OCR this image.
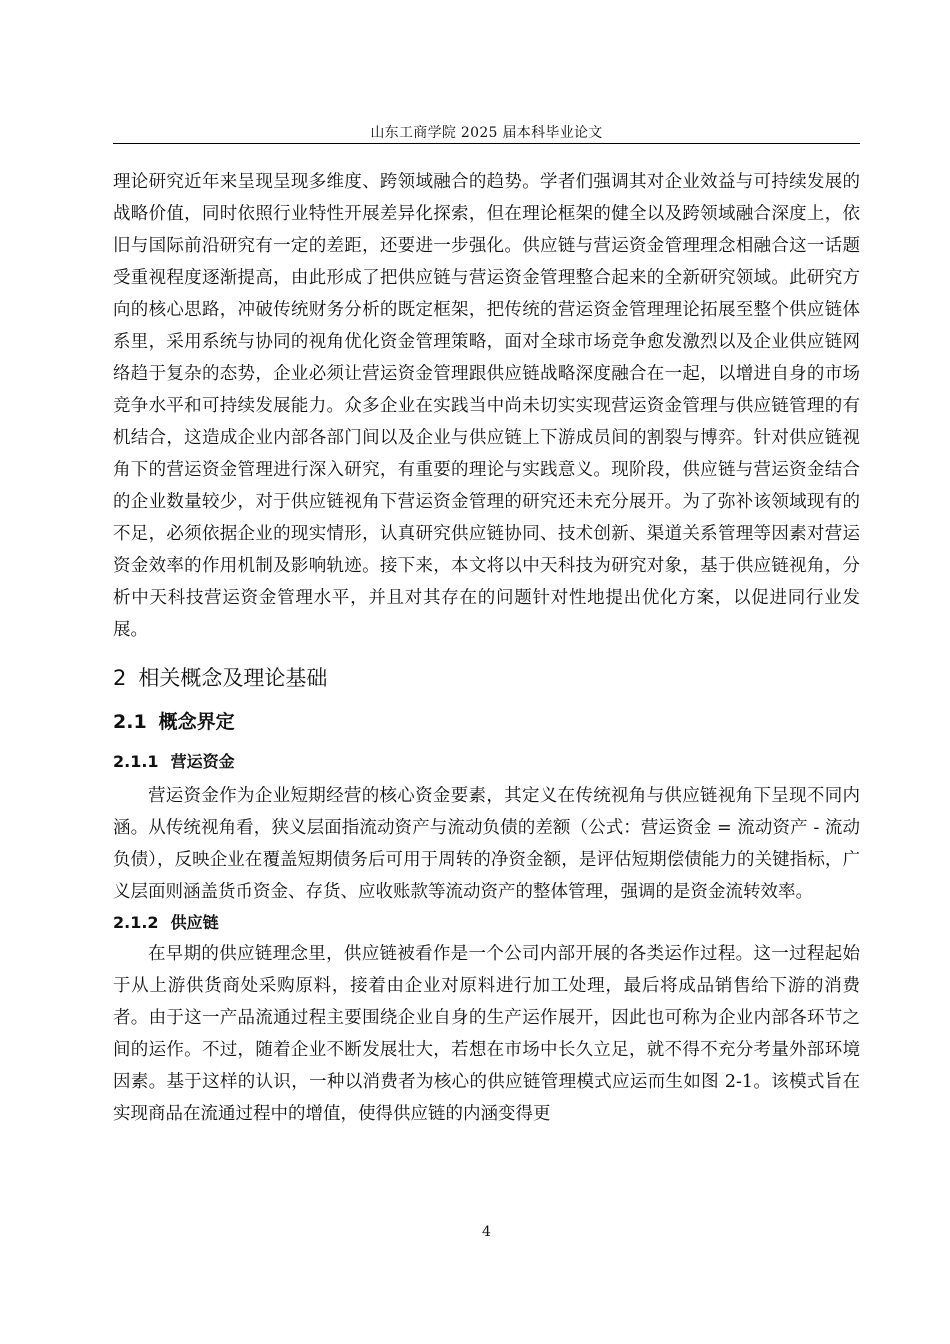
山东工商学院 2025 届本科毕业论文

理论研究近年来呈现呈现多维度、跨领域融合的趋势。学者们强调其对企业效益与可持续发展的战略价值，同时依照行业特性开展差异化探索，但在理论框架的健全以及跨领域融合深度上，依旧与国际前沿研究有一定的差距，还要进一步强化。供应链与营运资金管理理念相融合这一话题受重视程度逐渐提高，由此形成了把供应链与营运资金管理整合起来的全新研究领域。此研究方向的核心思路，冲破传统财务分析的既定框架，把传统的营运资金管理理论拓展至整个供应链体系里，采用系统与协同的视角优化资金管理策略，面对全球市场竞争愈发激烈以及企业供应链网络趋于复杂的态势，企业必须让营运资金管理跟供应链战略深度融合在一起，以增进自身的市场竞争水平和可持续发展能力。众多企业在实践当中尚未切实实现营运资金管理与供应链管理的有机结合，这造成企业内部各部门间以及企业与供应链上下游成员间的割裂与博弈。针对供应链视角下的营运资金管理进行深入研究，有重要的理论与实践意义。现阶段，供应链与营运资金结合的企业数量较少，对于供应链视角下营运资金管理的研究还未充分展开。为了弥补该领域现有的不足，必须依据企业的现实情形，认真研究供应链协同、技术创新、渠道关系管理等因素对营运资金效率的作用机制及影响轨迹。接下来，本文将以中天科技为研究对象，基于供应链视角，分析中天科技营运资金管理水平，并且对其存在的问题针对性地提出优化方案，以促进同行业发展。

2 相关概念及理论基础
2.1 概念界定
2.1.1 营运资金

营运资金作为企业短期经营的核心资金要素，其定义在传统视角与供应链视角下呈现不同内涵。从传统视角看，狭义层面指流动资产与流动负债的差额（公式：营运资金 = 流动资产 - 流动负债），反映企业在覆盖短期债务后可用于周转的净资金额，是评估短期偿债能力的关键指标，广义层面则涵盖货币资金、存货、应收账款等流动资产的整体管理，强调的是资金流转效率。

2.1.2 供应链

在早期的供应链理念里，供应链被看作是一个公司内部开展的各类运作过程。这一过程起始于从上游供货商处采购原料，接着由企业对原料进行加工处理，最后将成品销售给下游的消费者。由于这一产品流通过程主要围绕企业自身的生产运作展开，因此也可称为企业内部各环节之间的运作。不过，随着企业不断发展壮大，若想在市场中长久立足，就不得不充分考量外部环境因素。基于这样的认识，一种以消费者为核心的供应链管理模式应运而生如图 2-1。该模式旨在实现商品在流通过程中的增值，使得供应链的内涵变得更

4
